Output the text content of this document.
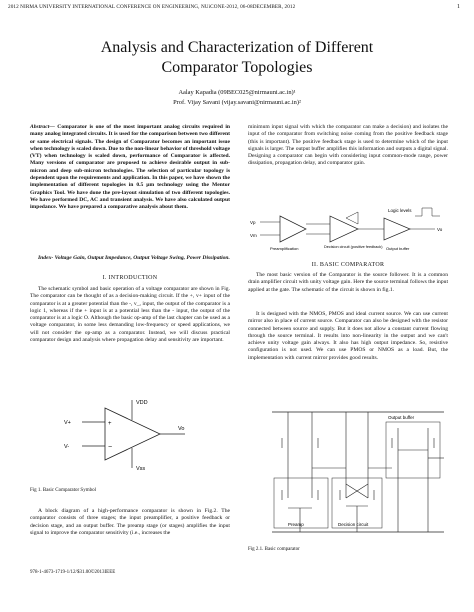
2012 NIRMA UNIVERSITY INTERNATIONAL CONFERENCE ON ENGINEERING, NUiCONE-2012, 06-08DECEMBER, 2012	1
Analysis and Characterization of Different
Comparator Topologies
Aalay Kapadia (09BEC025@nirmauni.ac.in)¹
Prof. Vijay Savani (vijay.savani@nirmauni.ac.in)²
Abstract— Comparator is one of the most important analog circuits required in many analog integrated circuits. It is used for the comparison between two different or same electrical signals. The design of Comparator becomes an important issue when technology is scaled down. Due to the non-linear behavior of threshold voltage (VT) when technology is scaled down, performance of Comparator is affected. Many versions of comparator are proposed to achieve desirable output in sub-micron and deep sub-micron technologies. The selection of particular topology is dependent upon the requirements and application. In this paper, we have shown the implementation of different topologies in 0.5 µm technology using the Mentor Graphics Tool. We have done the pre-layout simulation of two different topologies. We have performed DC, AC and transient analysis. We have also calculated output impedance. We have prepared a comparative analysis about them.
Index- Voltage Gain, Output Impedance, Output Voltage Swing, Power Dissipation.
I. INTRODUCTION

The schematic symbol and basic operation of a voltage comparator are shown in Fig. The comparator can be thought of as a decision-making circuit. If the +, v+ input of the comparator is at a greater potential than the -, v_, input, the output of the comparator is a logic 1, whereas if the + input is at a potential less than the - input, the output of the comparator is at a logic O. Although the basic op-amp of the last chapter can be used as a voltage comparator, in some less demanding low-frequency or speed applications, we will not consider the op-amp as a comparator. Instead, we will discuss practical comparator design and analysis where propagation delay and sensitivity are important.

+
−
VDD
V+
V-
Vo
Vss
Fig 1. Basic Comparator Symbol

A block diagram of a high-performance comparator is shown in Fig.2. The comparator consists of three stages; the input preamplifier, a positive feedback or decision stage, and an output buffer. The preamp stage (or stages) amplifies the input signal to improve the comparator sensitivity (i.e., increases the

978-1-4673-1719-1/12/$31.00©2013IEEE

minimum input signal with which the comparator can make a decision) and isolates the input of the comparator from switching noise coming from the positive feedback stage (this is important). The positive feedback stage is used to determine which of the input signals is larger. The output buffer amplifies this information and outputs a digital signal. Designing a comparator can begin with considering input common-mode range, power dissipation, propagation delay, and comparator gain.

Logic levels
Vp
Vm
Vo
Preamplification	Decision circuit (positive feedback) Output buffer
II. BASIC COMPARATOR

The most basic version of the Comparator is the source follower. It is a common drain amplifier circuit with unity voltage gain. Here the source terminal follows the input applied at the gate. The schematic of the circuit is shown in fig.1.

It is designed with the NMOS, PMOS and ideal current source. We can use current mirror also in place of current source. Comparator can also be designed with the resistor connected between source and supply. But it does not allow a constant current flowing through the source terminal. It results into non-linearity in the output and we can't achieve unity voltage gain always. It also has high output impedance. So, resistive configuration is not used. We can use PMOS or NMOS as a load. But, the implementation with current mirror provides good results.

Output buffer
Preamp	Decision circuit
Fig 2.1. Basic comparator
